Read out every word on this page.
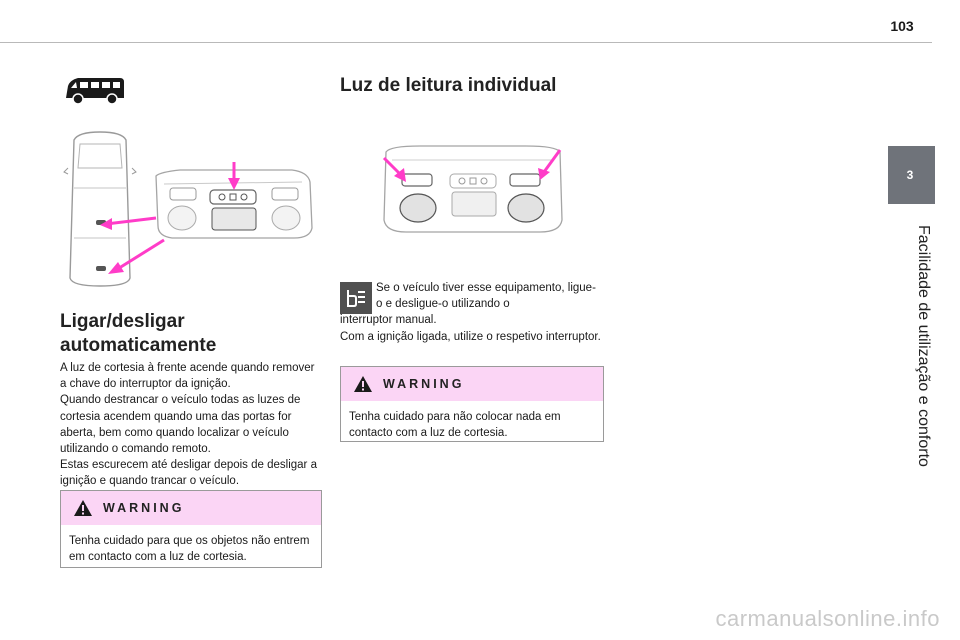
103
3
Facilidade de utilização e conforto
Ligar/desligar automaticamente

A luz de cortesia à frente acende quando remover a chave do interruptor da ignição.

Quando destrancar o veículo todas as luzes de cortesia acendem quando uma das portas for aberta, bem como quando localizar o veículo utilizando o comando remoto.

Estas escurecem até desligar depois de desligar a ignição e quando trancar o veículo.

WARNING
Tenha cuidado para que os objetos não entrem em contacto com a luz de cortesia.
Luz de leitura individual
Se o veículo tiver esse equipamento, ligue-o e desligue-o utilizando o
interruptor manual.
Com a ignição ligada, utilize o respetivo interruptor.
WARNING
Tenha cuidado para não colocar nada em contacto com a luz de cortesia.
carmanualsonline.info
